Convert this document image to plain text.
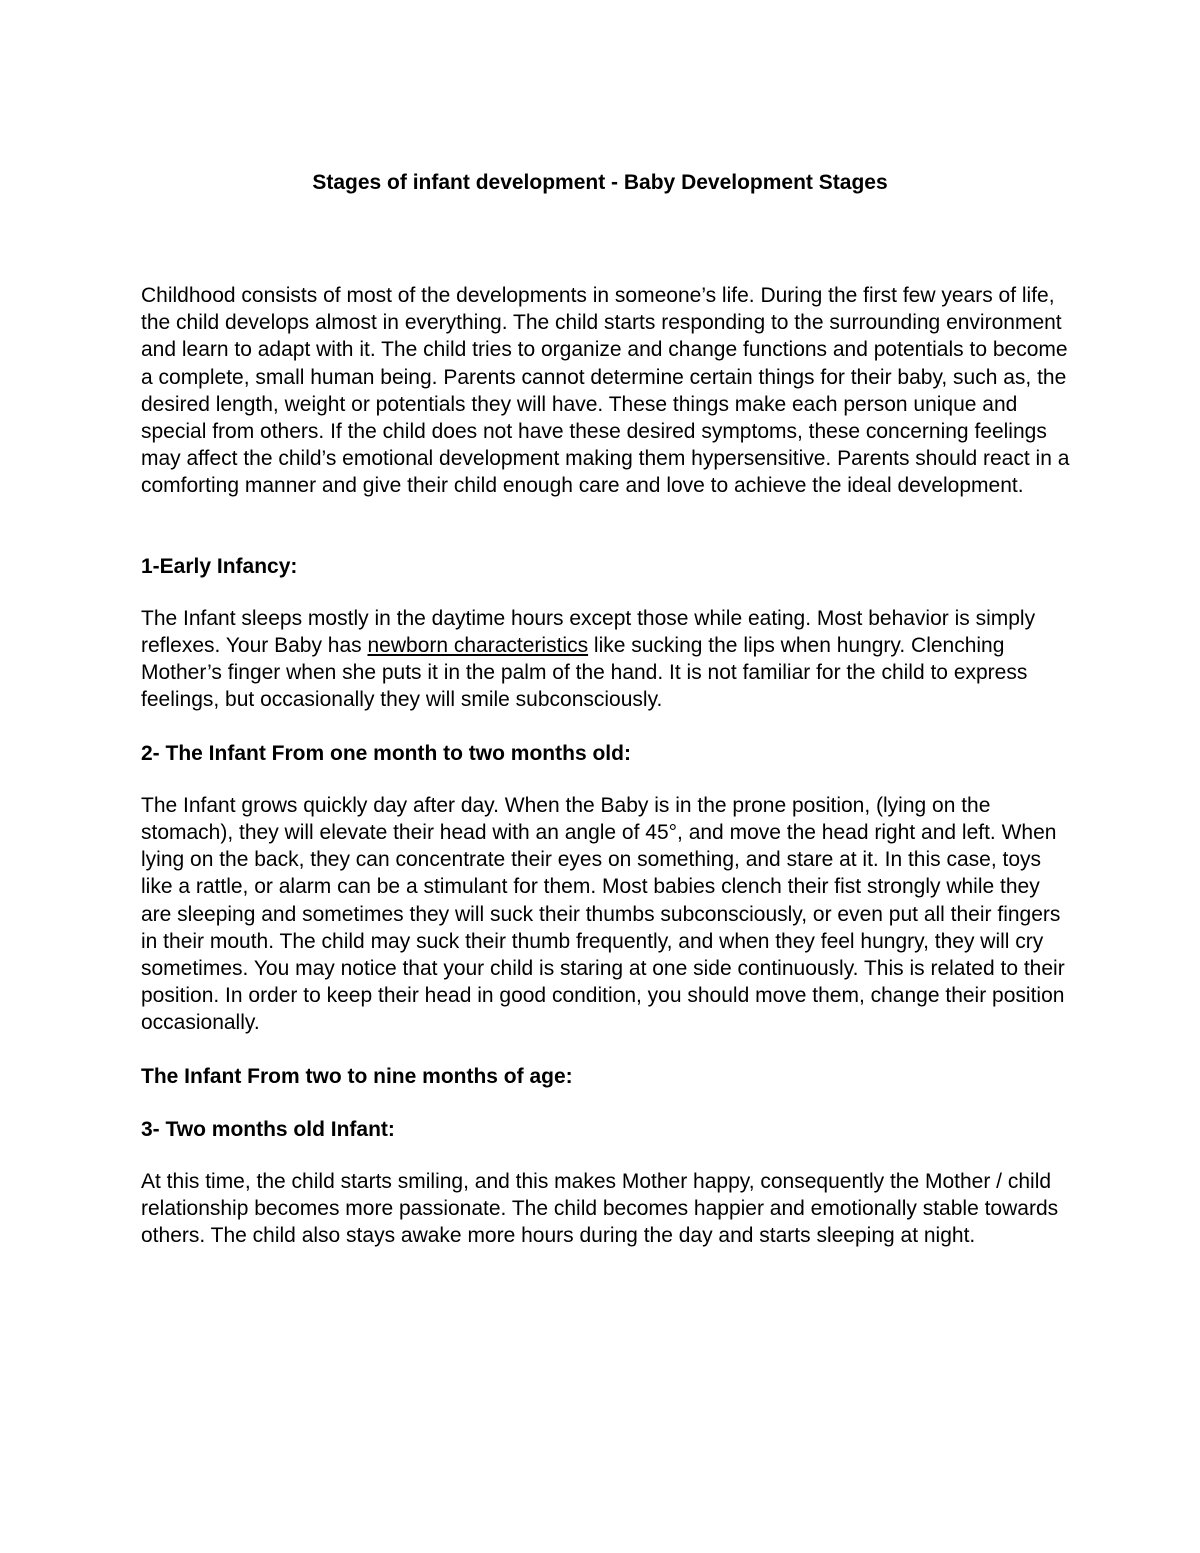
Stages of infant development - Baby Development Stages

Childhood consists of most of the developments in someone’s life. During the first few years of life, the child develops almost in everything. The child starts responding to the surrounding environment and learn to adapt with it. The child tries to organize and change functions and potentials to become a complete, small human being. Parents cannot determine certain things for their baby, such as, the desired length, weight or potentials they will have. These things make each person unique and special from others. If the child does not have these desired symptoms, these concerning feelings may affect the child’s emotional development making them hypersensitive. Parents should react in a comforting manner and give their child enough care and love to achieve the ideal development.

1-Early Infancy:

The Infant sleeps mostly in the daytime hours except those while eating. Most behavior is simply reflexes. Your Baby has newborn characteristics like sucking the lips when hungry. Clenching Mother’s finger when she puts it in the palm of the hand. It is not familiar for the child to express feelings, but occasionally they will smile subconsciously.

2- The Infant From one month to two months old:

The Infant grows quickly day after day. When the Baby is in the prone position, (lying on the stomach), they will elevate their head with an angle of 45°, and move the head right and left. When lying on the back, they can concentrate their eyes on something, and stare at it. In this case, toys like a rattle, or alarm can be a stimulant for them. Most babies clench their fist strongly while they are sleeping and sometimes they will suck their thumbs subconsciously, or even put all their fingers in their mouth. The child may suck their thumb frequently, and when they feel hungry, they will cry sometimes. You may notice that your child is staring at one side continuously. This is related to their position. In order to keep their head in good condition, you should move them, change their position occasionally.

The Infant From two to nine months of age:
3- Two months old Infant:

At this time, the child starts smiling, and this makes Mother happy, consequently the Mother / child relationship becomes more passionate. The child becomes happier and emotionally stable towards others. The child also stays awake more hours during the day and starts sleeping at night.
